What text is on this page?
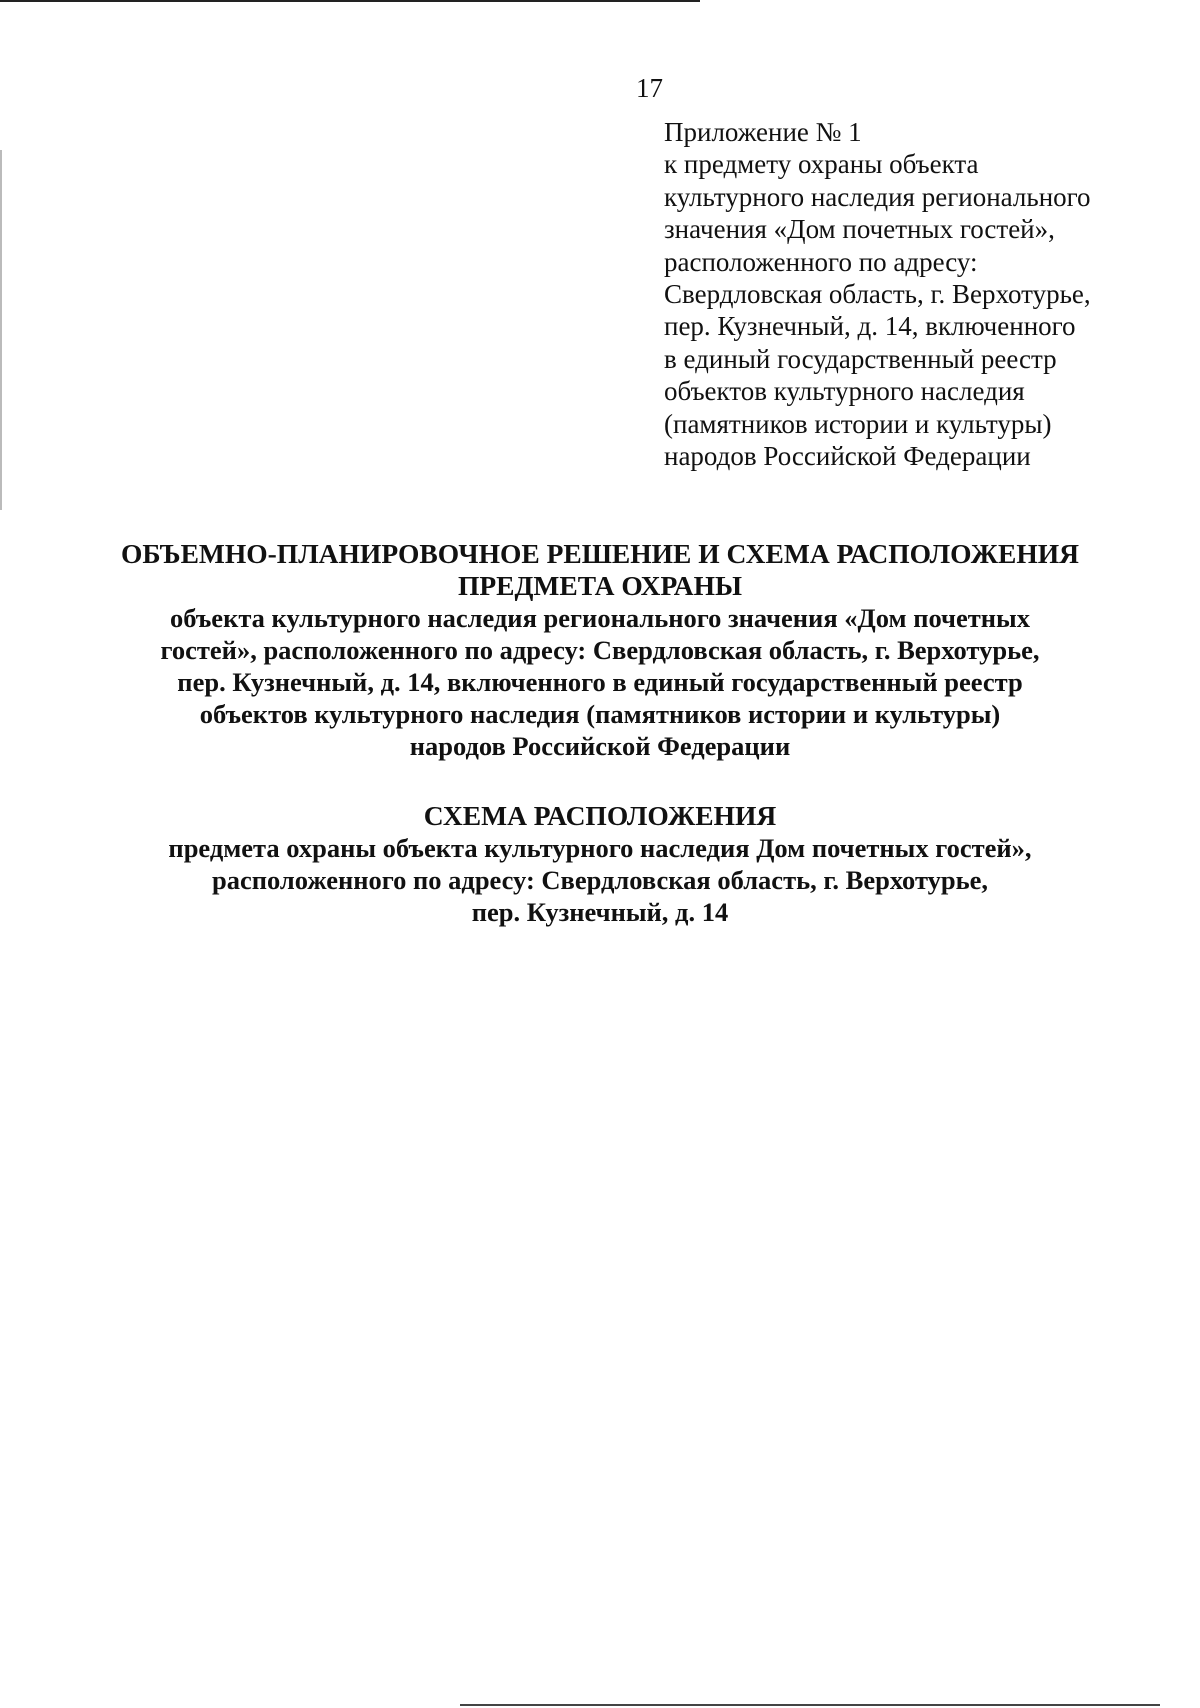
17
Приложение № 1
к предмету охраны объекта
культурного наследия регионального
значения «Дом почетных гостей»,
расположенного по адресу:
Свердловская область, г. Верхотурье,
пер. Кузнечный, д. 14, включенного
в единый государственный реестр
объектов культурного наследия
(памятников истории и культуры)
народов Российской Федерации
ОБЪЕМНО-ПЛАНИРОВОЧНОЕ РЕШЕНИЕ И СХЕМА РАСПОЛОЖЕНИЯ
ПРЕДМЕТА ОХРАНЫ
объекта культурного наследия регионального значения «Дом почетных
гостей», расположенного по адресу: Свердловская область, г. Верхотурье,
пер. Кузнечный, д. 14, включенного в единый государственный реестр
объектов культурного наследия (памятников истории и культуры)
народов Российской Федерации
СХЕМА РАСПОЛОЖЕНИЯ
предмета охраны объекта культурного наследия Дом почетных гостей»,
расположенного по адресу: Свердловская область, г. Верхотурье,
пер. Кузнечный, д. 14
